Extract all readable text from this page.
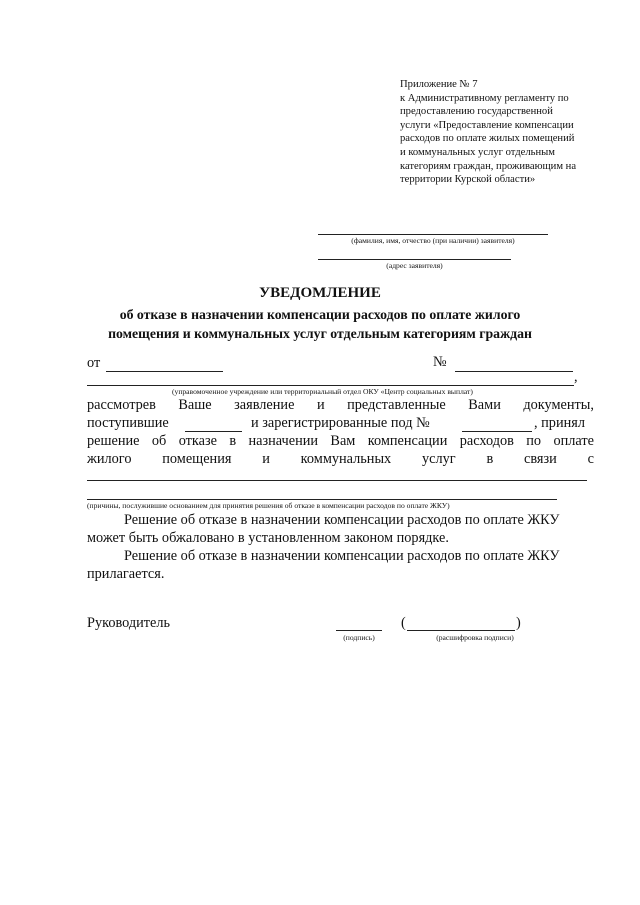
Приложение № 7
к Административному регламенту по
предоставлению государственной
услуги «Предоставление компенсации
расходов по оплате жилых помещений
и коммунальных услуг отдельным
категориям граждан, проживающим на
территории Курской области»
(фамилия, имя, отчество (при наличии) заявителя)
(адрес заявителя)
УВЕДОМЛЕНИЕ
об отказе в назначении компенсации расходов по оплате жилого
помещения и коммунальных услуг отдельным категориям граждан
от	№
,
(управомоченное учреждение или территориальный отдел ОКУ «Центр социальных выплат)
рассмотрев Ваше заявление и представленные Вами документы,
поступившие	и зарегистрированные под №	, принял
решение об отказе в назначении Вам компенсации расходов по оплате
жилого помещения и коммунальных услуг в связи с
(причины, послужившие основанием для принятия решения об отказе в компенсации расходов по оплате ЖКУ)
Решение об отказе в назначении компенсации расходов по оплате ЖКУ
может быть обжаловано в установленном законом порядке.
Решение об отказе в назначении компенсации расходов по оплате ЖКУ
прилагается.
Руководитель
(подпись)
(	)
(расшифровка подписи)
